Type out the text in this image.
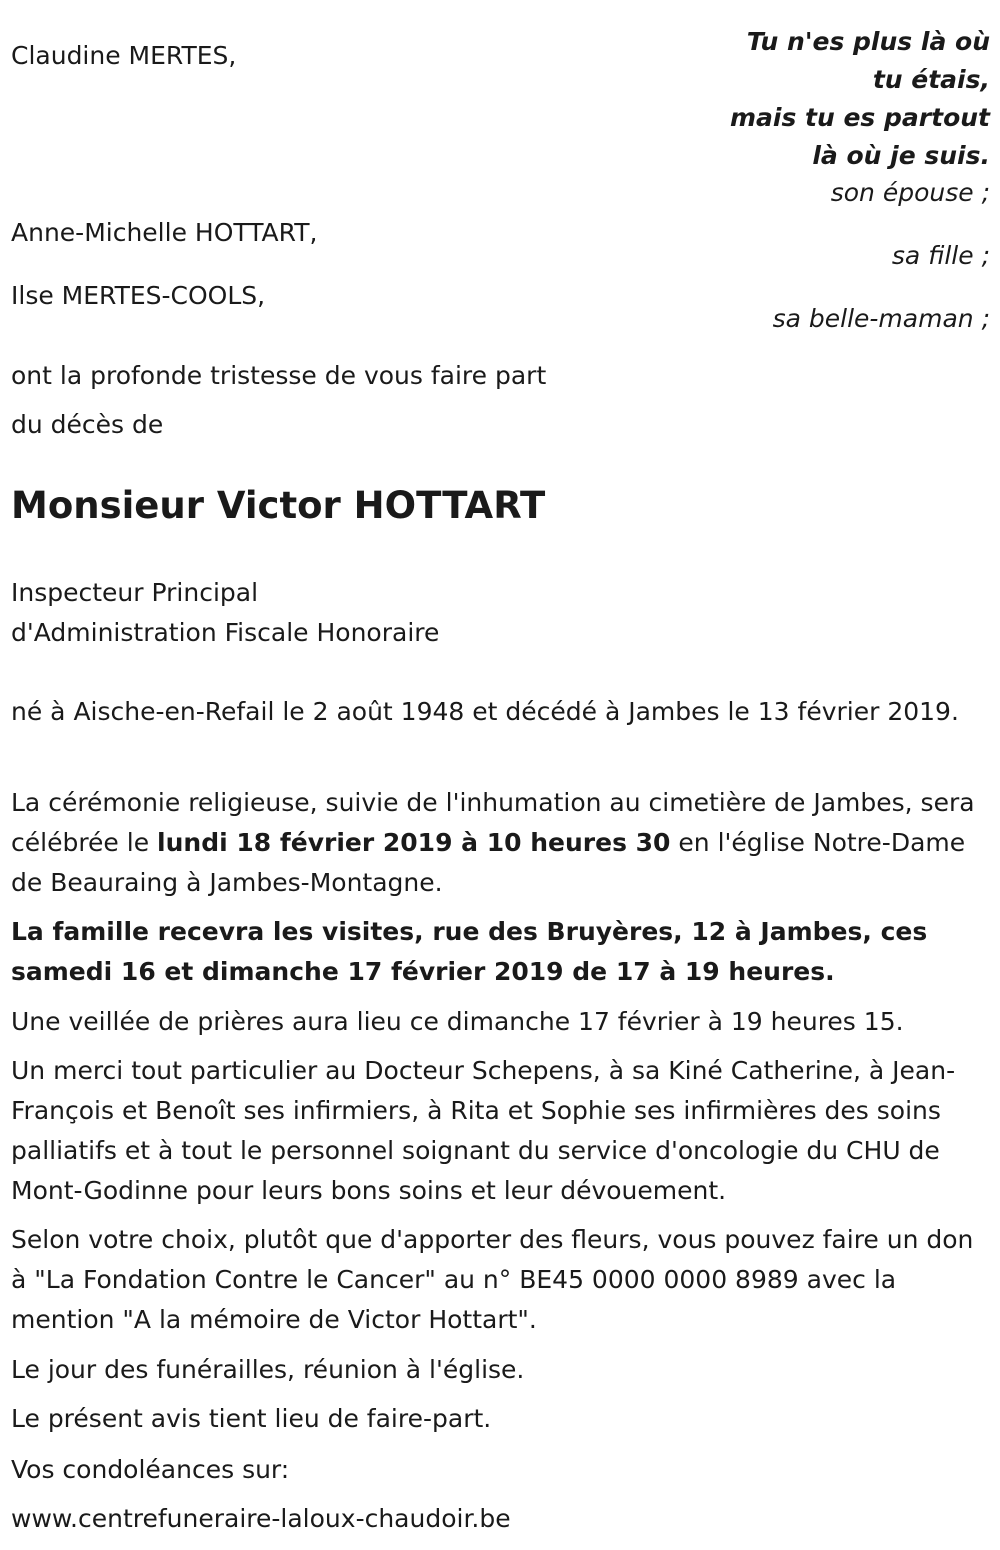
Tu n'es plus là où
tu étais,
mais tu es partout
là où je suis.
Claudine MERTES,
son épouse ;
Anne-Michelle HOTTART,
sa fille ;
Ilse MERTES-COOLS,
sa belle-maman ;
ont la profonde tristesse de vous faire part
du décès de
Monsieur Victor HOTTART
Inspecteur Principal
d'Administration Fiscale Honoraire

né à Aische-en-Refail le 2 août 1948 et décédé à Jambes le 13 février 2019.

La cérémonie religieuse, suivie de l'inhumation au cimetière de Jambes, sera célébrée le lundi 18 février 2019 à 10 heures 30 en l'église Notre-Dame de Beauraing à Jambes-Montagne.

La famille recevra les visites, rue des Bruyères, 12 à Jambes, ces samedi 16 et dimanche 17 février 2019 de 17 à 19 heures.

Une veillée de prières aura lieu ce dimanche 17 février à 19 heures 15.

Un merci tout particulier au Docteur Schepens, à sa Kiné Catherine, à Jean-François et Benoît ses infirmiers, à Rita et Sophie ses infirmières des soins palliatifs et à tout le personnel soignant du service d'oncologie du CHU de Mont-Godinne pour leurs bons soins et leur dévouement.

Selon votre choix, plutôt que d'apporter des fleurs, vous pouvez faire un don à "La Fondation Contre le Cancer" au n° BE45 0000 0000 8989 avec la mention "A la mémoire de Victor Hottart".

Le jour des funérailles, réunion à l'église.

Le présent avis tient lieu de faire-part.

Vos condoléances sur:

www.centrefuneraire-laloux-chaudoir.be
